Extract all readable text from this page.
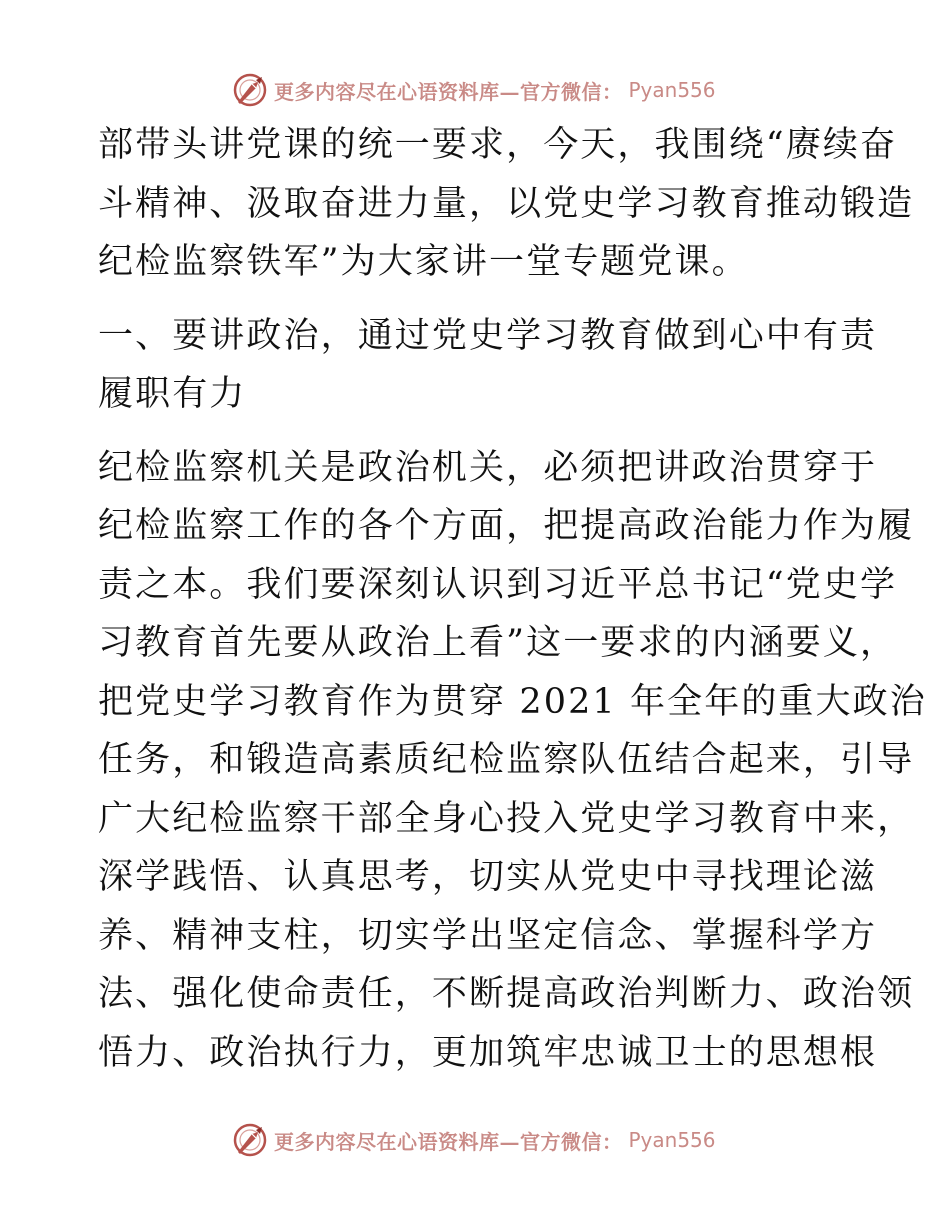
更多内容尽在心语资料库—官方微信： Pyan556

部带头讲党课的统一要求，今天，我围绕“赓续奋
斗精神、汲取奋进力量，以党史学习教育推动锻造
纪检监察铁军”为大家讲一堂专题党课。

一、要讲政治，通过党史学习教育做到心中有责
履职有力

纪检监察机关是政治机关，必须把讲政治贯穿于
纪检监察工作的各个方面，把提高政治能力作为履
责之本。我们要深刻认识到习近平总书记“党史学
习教育首先要从政治上看”这一要求的内涵要义，
把党史学习教育作为贯穿 2021 年全年的重大政治
任务，和锻造高素质纪检监察队伍结合起来，引导
广大纪检监察干部全身心投入党史学习教育中来，
深学践悟、认真思考，切实从党史中寻找理论滋
养、精神支柱，切实学出坚定信念、掌握科学方
法、强化使命责任，不断提高政治判断力、政治领
悟力、政治执行力，更加筑牢忠诚卫士的思想根

更多内容尽在心语资料库—官方微信： Pyan556
